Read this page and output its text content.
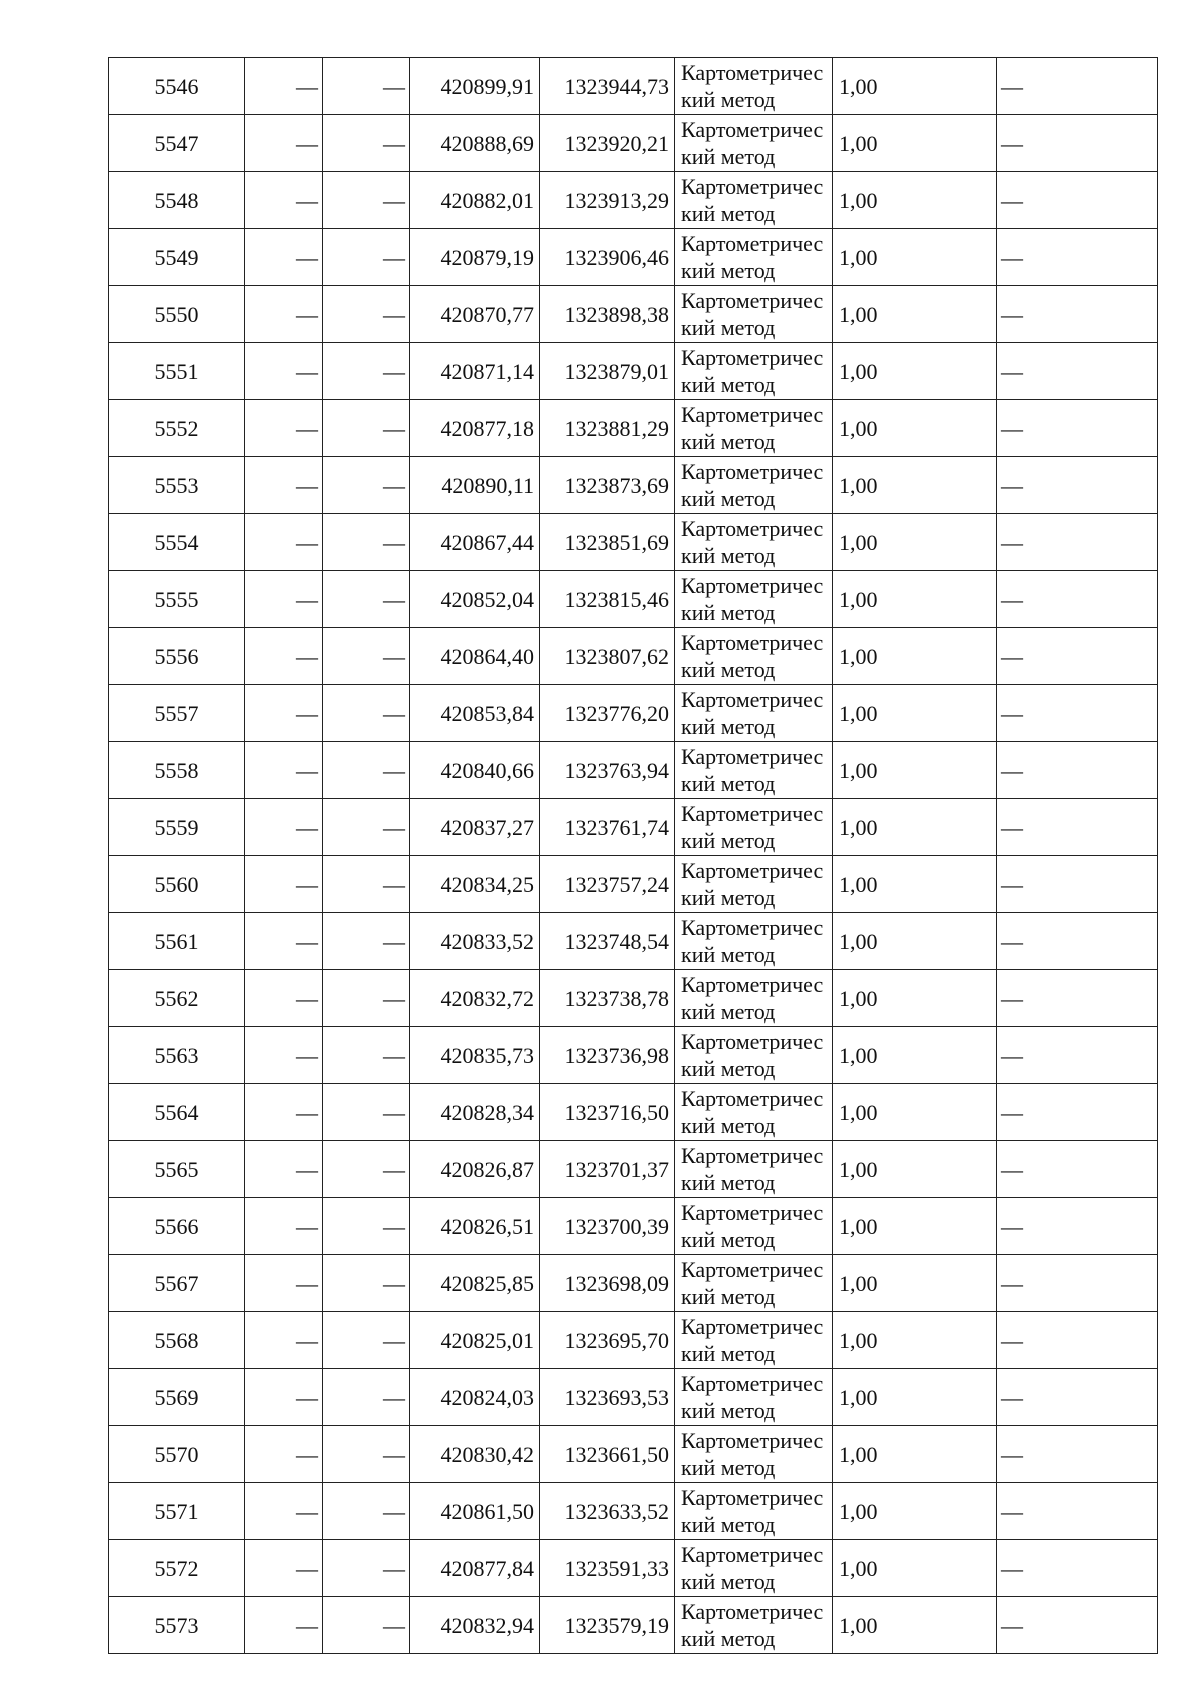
5546	—	—	420899,91	1323944,73	Картометрический метод	1,00	—
5547	—	—	420888,69	1323920,21	Картометрический метод	1,00	—
5548	—	—	420882,01	1323913,29	Картометрический метод	1,00	—
5549	—	—	420879,19	1323906,46	Картометрический метод	1,00	—
5550	—	—	420870,77	1323898,38	Картометрический метод	1,00	—
5551	—	—	420871,14	1323879,01	Картометрический метод	1,00	—
5552	—	—	420877,18	1323881,29	Картометрический метод	1,00	—
5553	—	—	420890,11	1323873,69	Картометрический метод	1,00	—
5554	—	—	420867,44	1323851,69	Картометрический метод	1,00	—
5555	—	—	420852,04	1323815,46	Картометрический метод	1,00	—
5556	—	—	420864,40	1323807,62	Картометрический метод	1,00	—
5557	—	—	420853,84	1323776,20	Картометрический метод	1,00	—
5558	—	—	420840,66	1323763,94	Картометрический метод	1,00	—
5559	—	—	420837,27	1323761,74	Картометрический метод	1,00	—
5560	—	—	420834,25	1323757,24	Картометрический метод	1,00	—
5561	—	—	420833,52	1323748,54	Картометрический метод	1,00	—
5562	—	—	420832,72	1323738,78	Картометрический метод	1,00	—
5563	—	—	420835,73	1323736,98	Картометрический метод	1,00	—
5564	—	—	420828,34	1323716,50	Картометрический метод	1,00	—
5565	—	—	420826,87	1323701,37	Картометрический метод	1,00	—
5566	—	—	420826,51	1323700,39	Картометрический метод	1,00	—
5567	—	—	420825,85	1323698,09	Картометрический метод	1,00	—
5568	—	—	420825,01	1323695,70	Картометрический метод	1,00	—
5569	—	—	420824,03	1323693,53	Картометрический метод	1,00	—
5570	—	—	420830,42	1323661,50	Картометрический метод	1,00	—
5571	—	—	420861,50	1323633,52	Картометрический метод	1,00	—
5572	—	—	420877,84	1323591,33	Картометрический метод	1,00	—
5573	—	—	420832,94	1323579,19	Картометрический метод	1,00	—
